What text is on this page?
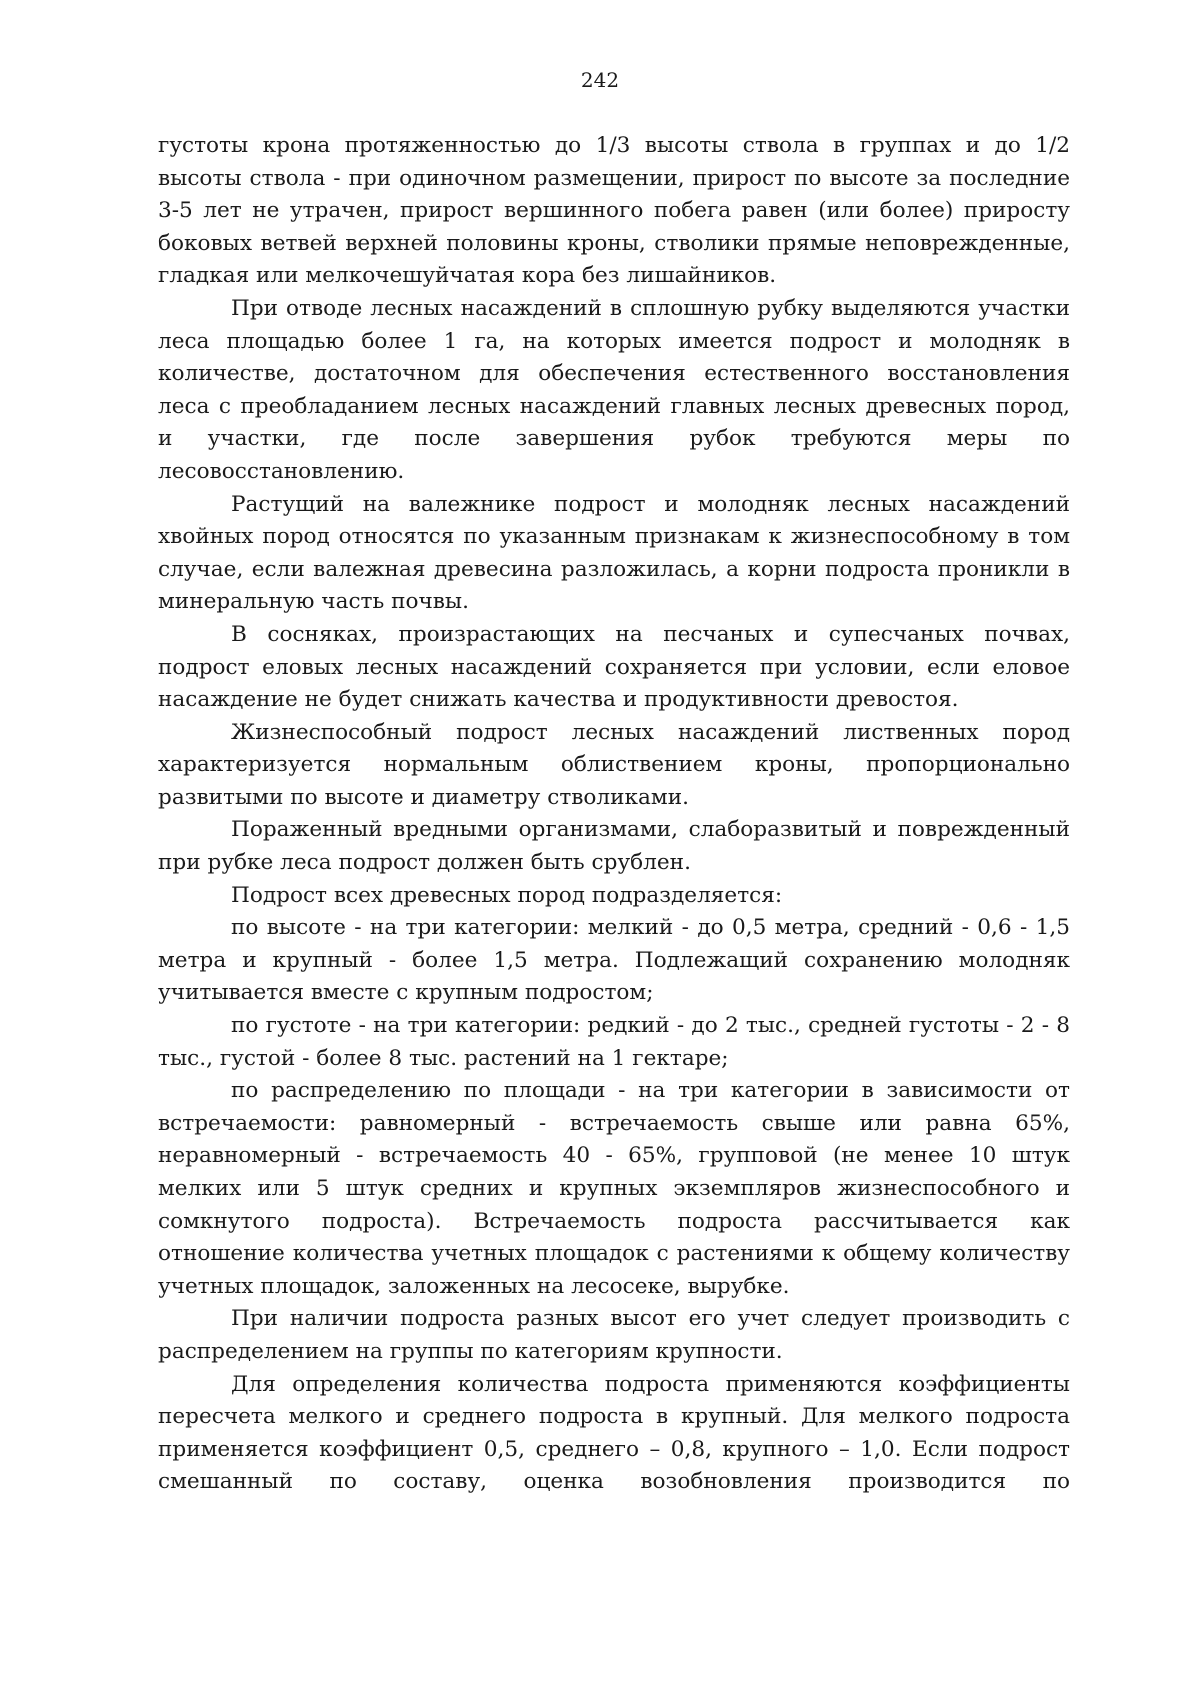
242

густоты крона протяженностью до 1/3 высоты ствола в группах и до 1/2 высоты ствола - при одиночном размещении, прирост по высоте за последние 3-5 лет не утрачен, прирост вершинного побега равен (или более) приросту боковых ветвей верхней половины кроны, стволики прямые неповрежденные, гладкая или мелкочешуйчатая кора без лишайников.

При отводе лесных насаждений в сплошную рубку выделяются участки леса площадью более 1 га, на которых имеется подрост и молодняк в количестве, достаточном для обеспечения естественного восстановления леса с преобладанием лесных насаждений главных лесных древесных пород, и участки, где после завершения рубок требуются меры по лесовосстановлению.

Растущий на валежнике подрост и молодняк лесных насаждений хвойных пород относятся по указанным признакам к жизнеспособному в том случае, если валежная древесина разложилась, а корни подроста проникли в минеральную часть почвы.

В сосняках, произрастающих на песчаных и супесчаных почвах, подрост еловых лесных насаждений сохраняется при условии, если еловое насаждение не будет снижать качества и продуктивности древостоя.

Жизнеспособный подрост лесных насаждений лиственных пород характеризуется нормальным облиствением кроны, пропорционально развитыми по высоте и диаметру стволиками.

Пораженный вредными организмами, слаборазвитый и поврежденный при рубке леса подрост должен быть срублен.

Подрост всех древесных пород подразделяется:

по высоте - на три категории: мелкий - до 0,5 метра, средний - 0,6 - 1,5 метра и крупный - более 1,5 метра. Подлежащий сохранению молодняк учитывается вместе с крупным подростом;

по густоте - на три категории: редкий - до 2 тыс., средней густоты - 2 - 8 тыс., густой - более 8 тыс. растений на 1 гектаре;

по распределению по площади - на три категории в зависимости от встречаемости: равномерный - встречаемость свыше или равна 65%, неравномерный - встречаемость 40 - 65%, групповой (не менее 10 штук мелких или 5 штук средних и крупных экземпляров жизнеспособного и сомкнутого подроста). Встречаемость подроста рассчитывается как отношение количества учетных площадок с растениями к общему количеству учетных площадок, заложенных на лесосеке, вырубке.

При наличии подроста разных высот его учет следует производить с распределением на группы по категориям крупности.

Для определения количества подроста применяются коэффициенты пересчета мелкого и среднего подроста в крупный. Для мелкого подроста применяется коэффициент 0,5, среднего – 0,8, крупного – 1,0. Если подрост смешанный по составу, оценка возобновления производится по
